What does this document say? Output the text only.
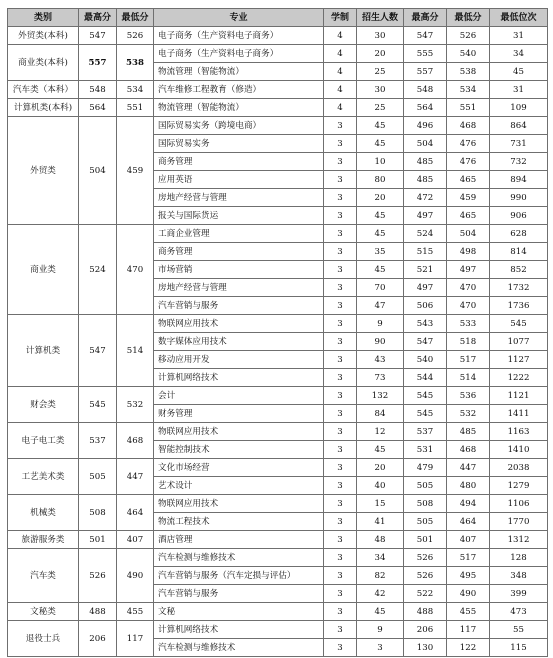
类别	最高分	最低分	专业	学制	招生人数	最高分	最低分	最低位次
外贸类(本科)	547	526	电子商务（生产资料电子商务）	4	30	547	526	31
商业类(本科)	557	538	电子商务（生产资料电子商务）	4	20	555	540	34
			物流管理（智能物流）	4	25	557	538	45
汽车类（本科）	548	534	汽车维修工程教育（修造）	4	30	548	534	31
计算机类(本科)	564	551	物流管理（智能物流）	4	25	564	551	109
外贸类	504	459	国际贸易实务（跨境电商）	3	45	496	468	864
			国际贸易实务	3	45	504	476	731
			商务管理	3	10	485	476	732
			应用英语	3	80	485	465	894
			房地产经营与管理	3	20	472	459	990
			报关与国际货运	3	45	497	465	906
商业类	524	470	工商企业管理	3	45	524	504	628
			商务管理	3	35	515	498	814
			市场营销	3	45	521	497	852
			房地产经营与管理	3	70	497	470	1732
			汽车营销与服务	3	47	506	470	1736
计算机类	547	514	物联网应用技术	3	9	543	533	545
			数字媒体应用技术	3	90	547	518	1077
			移动应用开发	3	43	540	517	1127
			计算机网络技术	3	73	544	514	1222
财会类	545	532	会计	3	132	545	536	1121
			财务管理	3	84	545	532	1411
电子电工类	537	468	物联网应用技术	3	12	537	485	1163
			智能控制技术	3	45	531	468	1410
工艺美术类	505	447	文化市场经营	3	20	479	447	2038
			艺术设计	3	40	505	480	1279
机械类	508	464	物联网应用技术	3	15	508	494	1106
			物流工程技术	3	41	505	464	1770
旅游服务类	501	407	酒店管理	3	48	501	407	1312
汽车类	526	490	汽车检测与维修技术	3	34	526	517	128
			汽车营销与服务（汽车定损与评估）	3	82	526	495	348
			汽车营销与服务	3	42	522	490	399
文秘类	488	455	文秘	3	45	488	455	473
退役士兵	206	117	计算机网络技术	3	9	206	117	55
			汽车检测与维修技术	3	3	130	122	115
